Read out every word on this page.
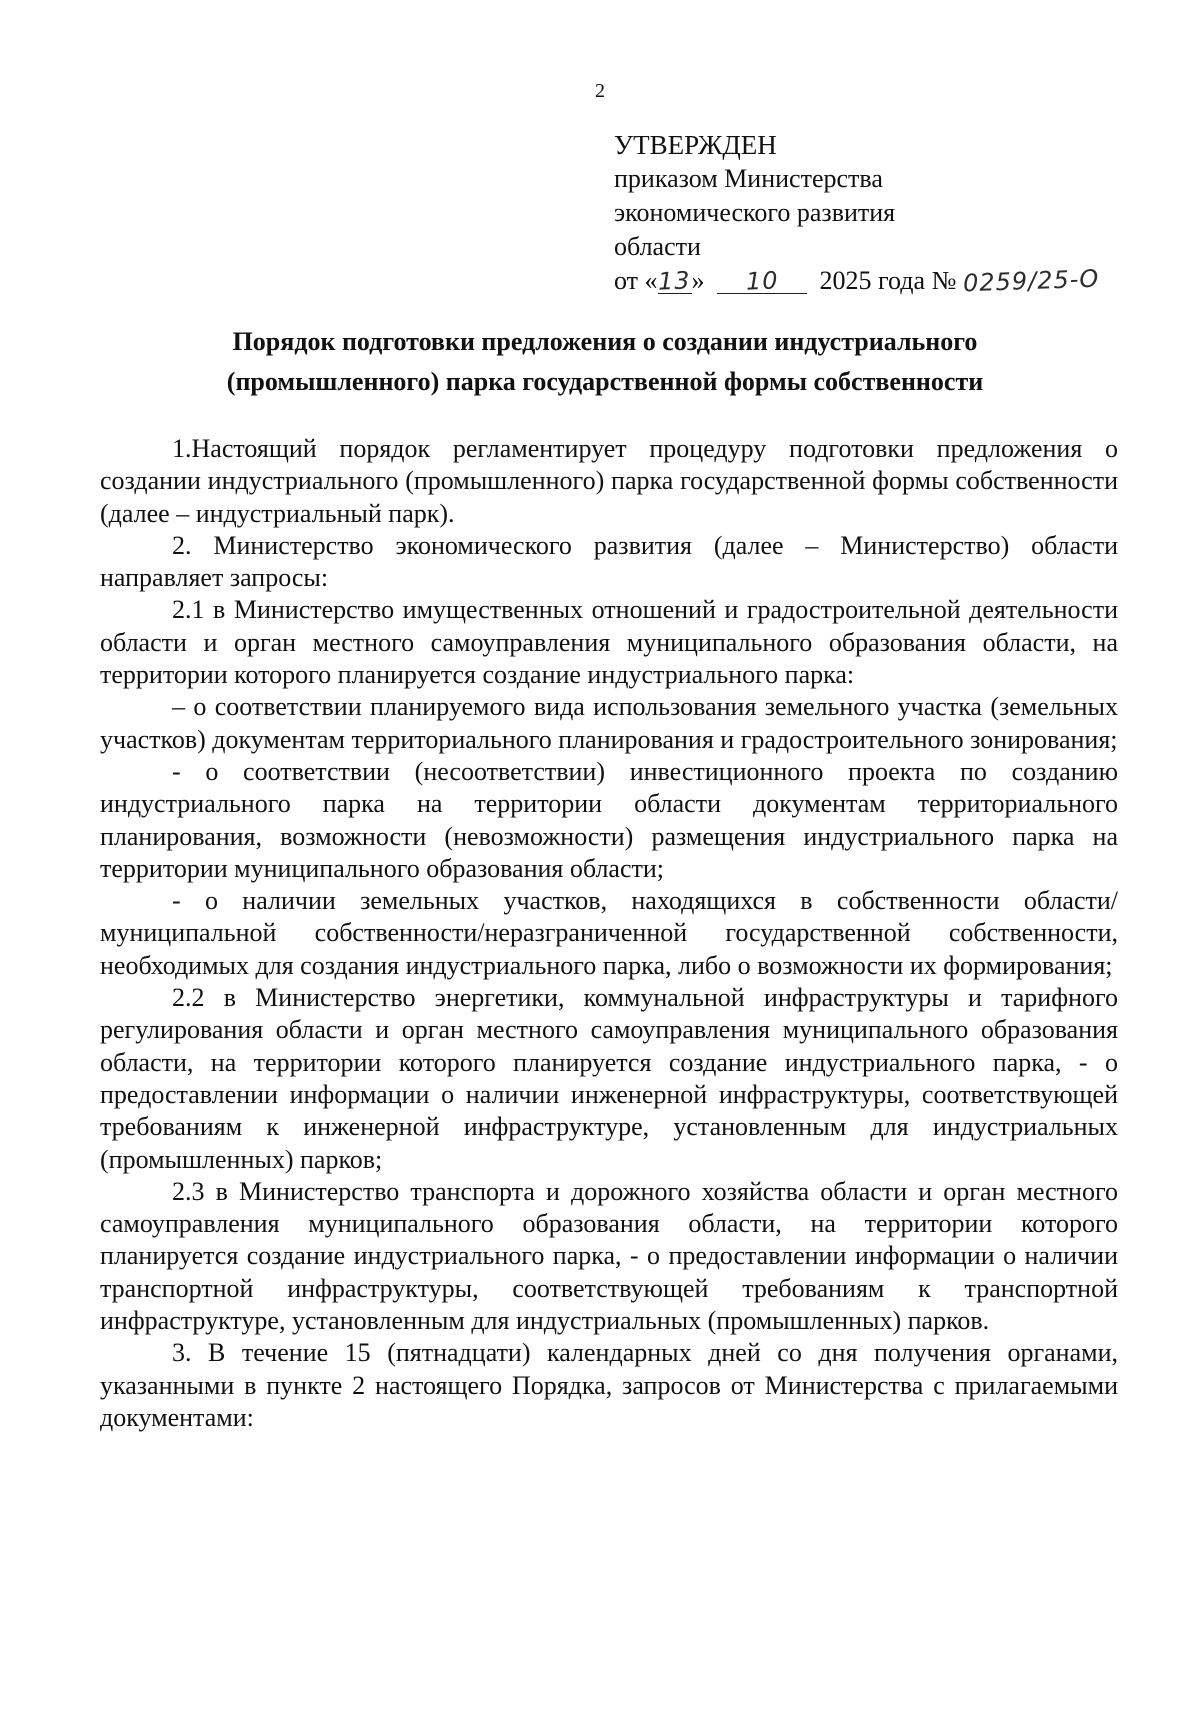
2
УТВЕРЖДЕН
приказом Министерства
экономического развития
области
от «13» 10 2025 года № 0259/25-О
Порядок подготовки предложения о создании индустриального
(промышленного) парка государственной формы собственности

1.Настоящий порядок регламентирует процедуру подготовки предложения о создании индустриального (промышленного) парка государственной формы собственности (далее – индустриальный парк).

2. Министерство экономического развития (далее – Министерство) области направляет запросы:

2.1 в Министерство имущественных отношений и градостроительной деятельности области и орган местного самоуправления муниципального образования области, на территории которого планируется создание индустриального парка:

– о соответствии планируемого вида использования земельного участка (земельных участков) документам территориального планирования и градостроительного зонирования;

- о соответствии (несоответствии) инвестиционного проекта по созданию индустриального парка на территории области документам территориального планирования, возможности (невозможности) размещения индустриального парка на территории муниципального образования области;

- о наличии земельных участков, находящихся в собственности области/муниципальной собственности/неразграниченной государственной собственности, необходимых для создания индустриального парка, либо о возможности их формирования;

2.2 в Министерство энергетики, коммунальной инфраструктуры и тарифного регулирования области и орган местного самоуправления муниципального образования области, на территории которого планируется создание индустриального парка, - о предоставлении информации о наличии инженерной инфраструктуры, соответствующей требованиям к инженерной инфраструктуре, установленным для индустриальных (промышленных) парков;

2.3 в Министерство транспорта и дорожного хозяйства области и орган местного самоуправления муниципального образования области, на территории которого планируется создание индустриального парка, - о предоставлении информации о наличии транспортной инфраструктуры, соответствующей требованиям к транспортной инфраструктуре, установленным для индустриальных (промышленных) парков.

3. В течение 15 (пятнадцати) календарных дней со дня получения органами, указанными в пункте 2 настоящего Порядка, запросов от Министерства с прилагаемыми документами:
